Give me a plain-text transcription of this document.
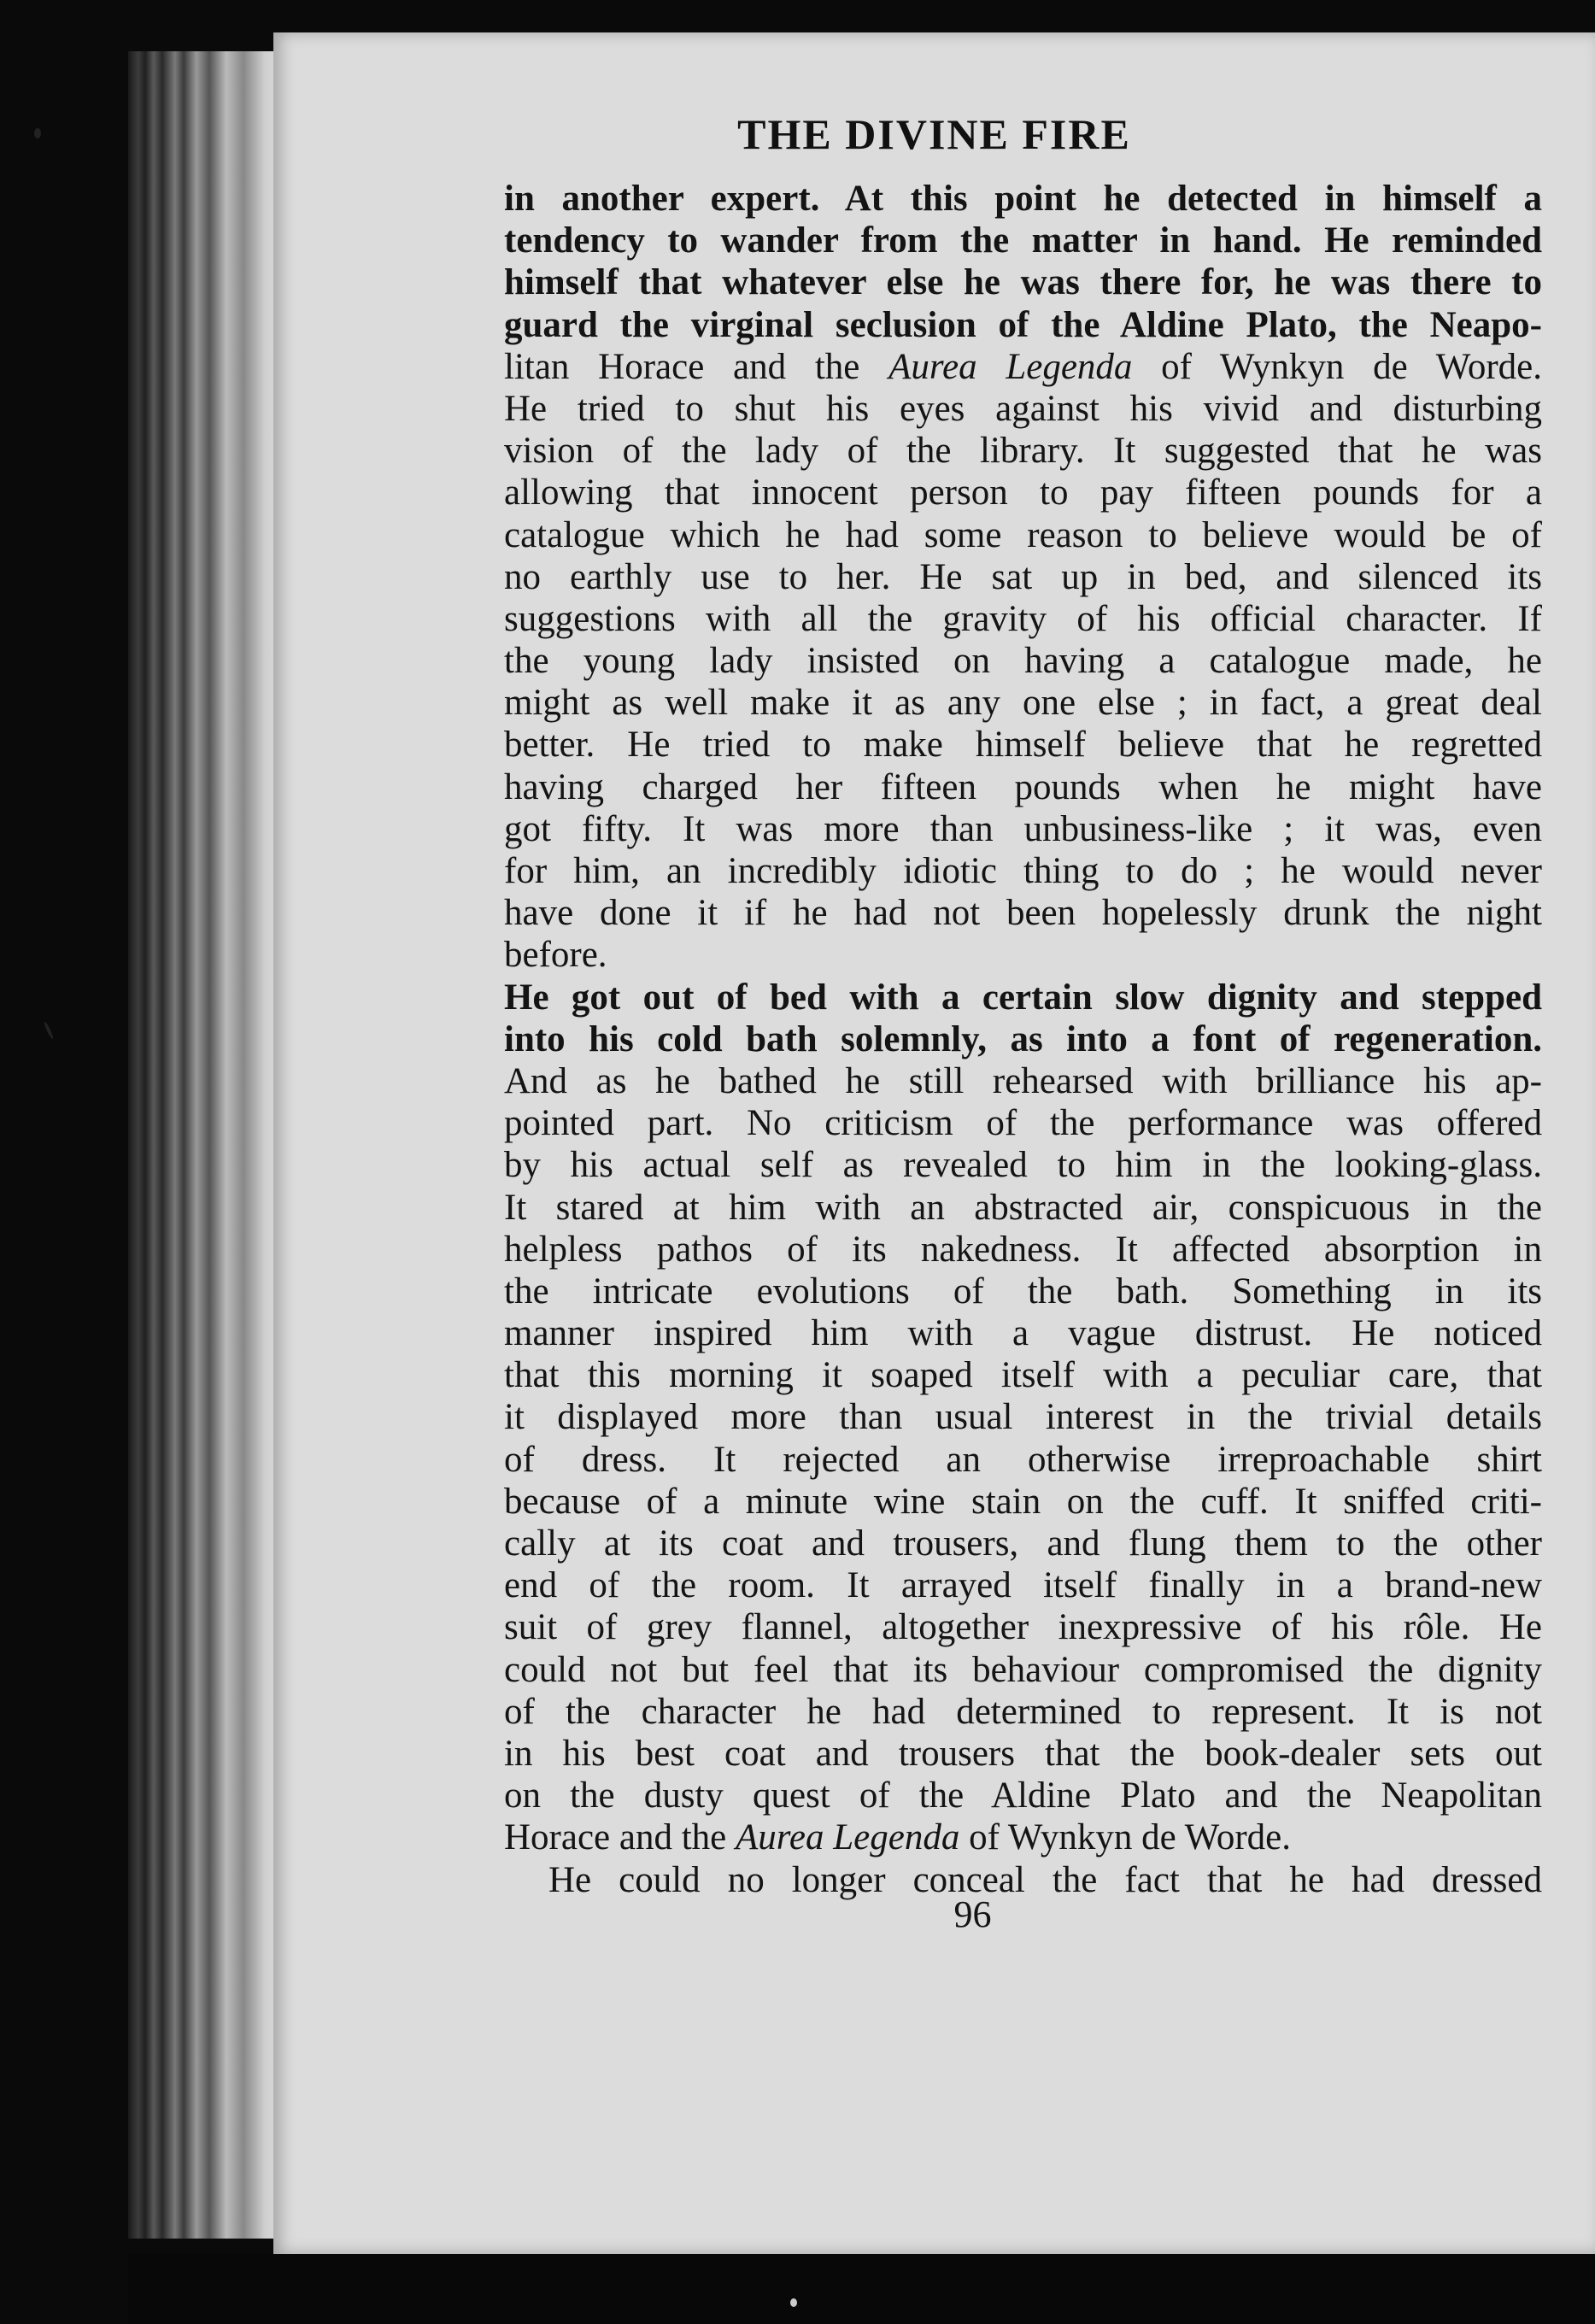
THE DIVINE FIRE
in another expert. At this point he detected in himself a
tendency to wander from the matter in hand. He reminded
himself that whatever else he was there for, he was there to
guard the virginal seclusion of the Aldine Plato, the Neapo-
litan Horace and the Aurea Legenda of Wynkyn de Worde.
He tried to shut his eyes against his vivid and disturbing
vision of the lady of the library. It suggested that he was
allowing that innocent person to pay fifteen pounds for a
catalogue which he had some reason to believe would be of
no earthly use to her. He sat up in bed, and silenced its
suggestions with all the gravity of his official character. If
the young lady insisted on having a catalogue made, he
might as well make it as any one else ; in fact, a great deal
better. He tried to make himself believe that he regretted
having charged her fifteen pounds when he might have
got fifty. It was more than unbusiness-like ; it was, even
for him, an incredibly idiotic thing to do ; he would never
have done it if he had not been hopelessly drunk the night
before.
He got out of bed with a certain slow dignity and stepped
into his cold bath solemnly, as into a font of regeneration.
And as he bathed he still rehearsed with brilliance his ap-
pointed part. No criticism of the performance was offered
by his actual self as revealed to him in the looking-glass.
It stared at him with an abstracted air, conspicuous in the
helpless pathos of its nakedness. It affected absorption in
the intricate evolutions of the bath. Something in its
manner inspired him with a vague distrust. He noticed
that this morning it soaped itself with a peculiar care, that
it displayed more than usual interest in the trivial details
of dress. It rejected an otherwise irreproachable shirt
because of a minute wine stain on the cuff. It sniffed criti-
cally at its coat and trousers, and flung them to the other
end of the room. It arrayed itself finally in a brand-new
suit of grey flannel, altogether inexpressive of his rôle. He
could not but feel that its behaviour compromised the dignity
of the character he had determined to represent. It is not
in his best coat and trousers that the book-dealer sets out
on the dusty quest of the Aldine Plato and the Neapolitan
Horace and the Aurea Legenda of Wynkyn de Worde.
He could no longer conceal the fact that he had dressed
96
